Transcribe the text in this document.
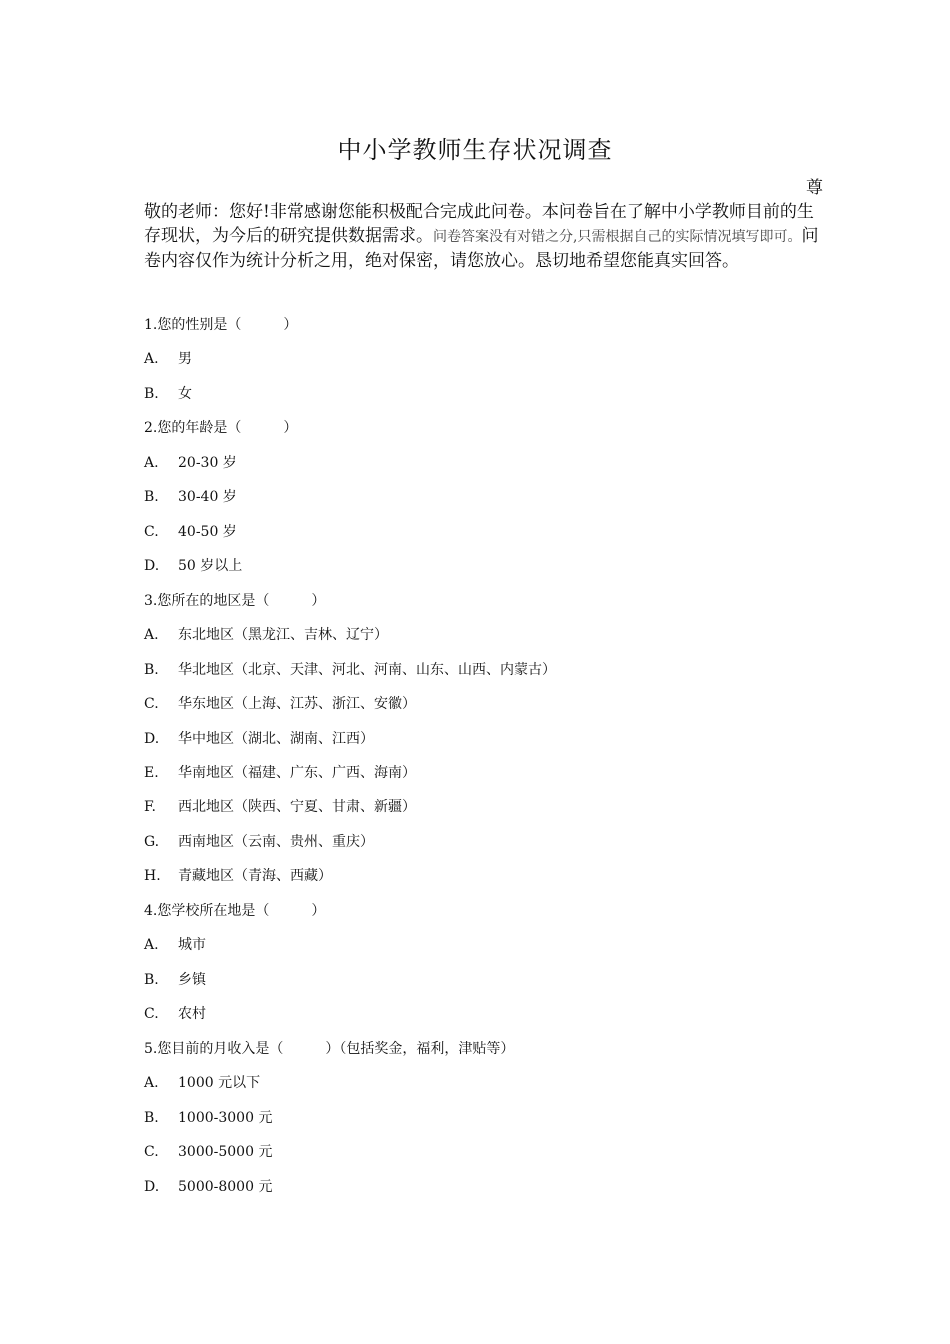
中小学教师生存状况调查
尊
敬的老师：您好!非常感谢您能积极配合完成此问卷。本问卷旨在了解中小学教师目前的生存现状，为今后的研究提供数据需求。问卷答案没有对错之分,只需根据自己的实际情况填写即可。问卷内容仅作为统计分析之用，绝对保密，请您放心。恳切地希望您能真实回答。
1.您的性别是（　　　）
A. 男
B. 女
2.您的年龄是（　　　）
A. 20-30 岁
B. 30-40 岁
C. 40-50 岁
D. 50 岁以上
3.您所在的地区是（　　　）
A. 东北地区（黑龙江、吉林、辽宁）
B. 华北地区（北京、天津、河北、河南、山东、山西、内蒙古）
C. 华东地区（上海、江苏、浙江、安徽）
D. 华中地区（湖北、湖南、江西）
E. 华南地区（福建、广东、广西、海南）
F. 西北地区（陕西、宁夏、甘肃、新疆）
G. 西南地区（云南、贵州、重庆）
H. 青藏地区（青海、西藏）
4.您学校所在地是（　　　）
A. 城市
B. 乡镇
C. 农村
5.您目前的月收入是（　　　）（包括奖金，福利，津贴等）
A. 1000 元以下
B. 1000-3000 元
C. 3000-5000 元
D. 5000-8000 元
